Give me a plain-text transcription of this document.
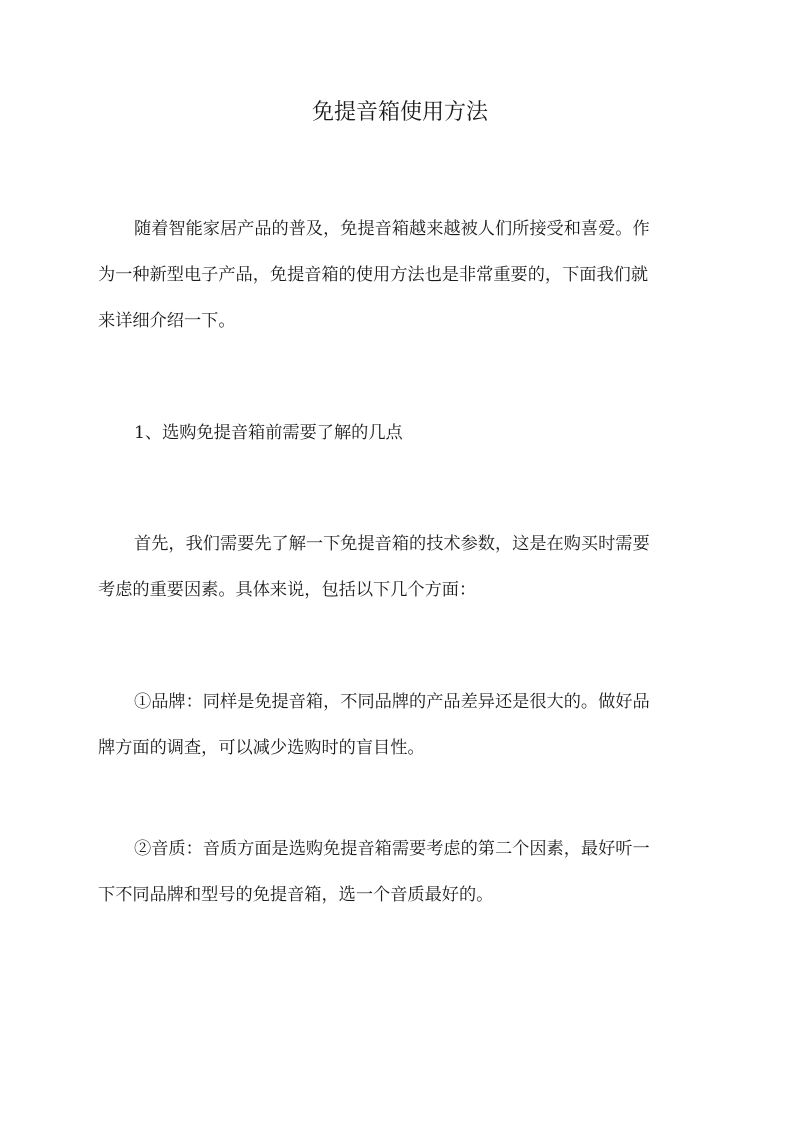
免提音箱使用方法

随着智能家居产品的普及，免提音箱越来越被人们所接受和喜爱。作
为一种新型电子产品，免提音箱的使用方法也是非常重要的，下面我们就
来详细介绍一下。

1、选购免提音箱前需要了解的几点

首先，我们需要先了解一下免提音箱的技术参数，这是在购买时需要
考虑的重要因素。具体来说，包括以下几个方面：

①品牌：同样是免提音箱，不同品牌的产品差异还是很大的。做好品
牌方面的调查，可以减少选购时的盲目性。

②音质：音质方面是选购免提音箱需要考虑的第二个因素，最好听一
下不同品牌和型号的免提音箱，选一个音质最好的。
